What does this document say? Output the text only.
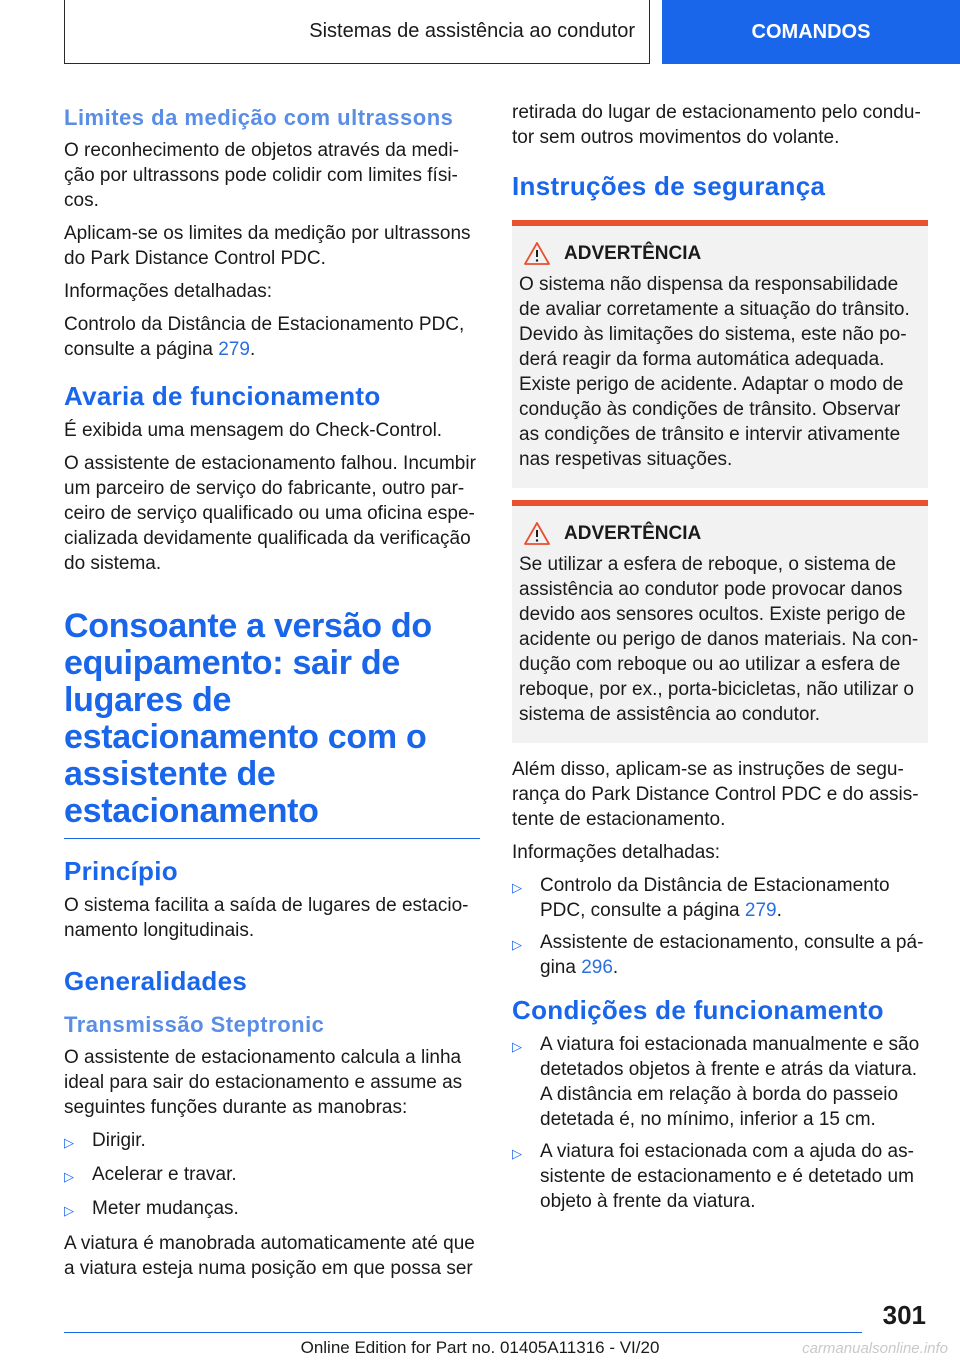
Sistemas de assistência ao condutor	COMANDOS
Limites da medição com ultrassons

O reconhecimento de objetos através da medi-ção por ultrassons pode colidir com limites físi-cos.

Aplicam-se os limites da medição por ultrassons do Park Distance Control PDC.

Informações detalhadas:

Controlo da Distância de Estacionamento PDC, consulte a página 279.

Avaria de funcionamento

É exibida uma mensagem do Check-Control.

O assistente de estacionamento falhou. Incumbir um parceiro de serviço do fabricante, outro par-ceiro de serviço qualificado ou uma oficina espe-cializada devidamente qualificada da verificação do sistema.

Consoante a versão do equipamento: sair de lugares de estacionamento com o assistente de estacionamento
Princípio

O sistema facilita a saída de lugares de estacio-namento longitudinais.

Generalidades
Transmissão Steptronic

O assistente de estacionamento calcula a linha ideal para sair do estacionamento e assume as seguintes funções durante as manobras:

▷ Dirigir.
▷ Acelerar e travar.
▷ Meter mudanças.

A viatura é manobrada automaticamente até que a viatura esteja numa posição em que possa ser

retirada do lugar de estacionamento pelo condu-tor sem outros movimentos do volante.

Instruções de segurança
ADVERTÊNCIA

O sistema não dispensa da responsabilidade de avaliar corretamente a situação do trânsito. Devido às limitações do sistema, este não po-derá reagir da forma automática adequada. Existe perigo de acidente. Adaptar o modo de condução às condições de trânsito. Observar as condições de trânsito e intervir ativamente nas respetivas situações.

ADVERTÊNCIA

Se utilizar a esfera de reboque, o sistema de assistência ao condutor pode provocar danos devido aos sensores ocultos. Existe perigo de acidente ou perigo de danos materiais. Na con-dução com reboque ou ao utilizar a esfera de reboque, por ex., porta-bicicletas, não utilizar o sistema de assistência ao condutor.

Além disso, aplicam-se as instruções de segu-rança do Park Distance Control PDC e do assis-tente de estacionamento.

Informações detalhadas:

▷ Controlo da Distância de Estacionamento PDC, consulte a página 279.
▷ Assistente de estacionamento, consulte a pá-gina 296.
Condições de funcionamento
▷ A viatura foi estacionada manualmente e são detetados objetos à frente e atrás da viatura. A distância em relação à borda do passeio detetada é, no mínimo, inferior a 15 cm.
▷ A viatura foi estacionada com a ajuda do as-sistente de estacionamento e é detetado um objeto à frente da viatura.
301
Online Edition for Part no. 01405A11316 - VI/20	carmanualsonline.info
